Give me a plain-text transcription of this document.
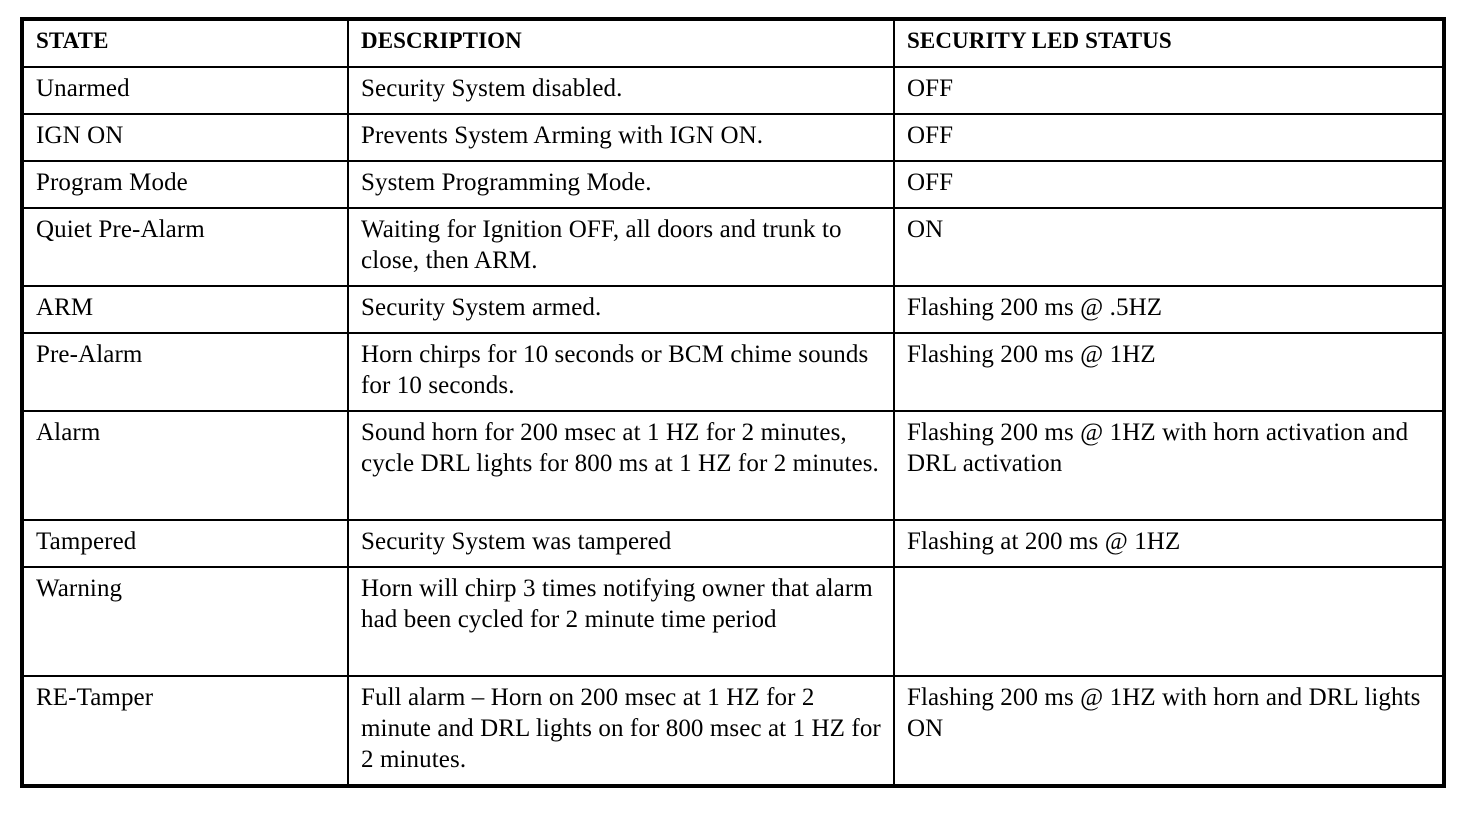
STATE	DESCRIPTION	SECURITY LED STATUS
Unarmed	Security System disabled.	OFF
IGN ON	Prevents System Arming with IGN ON.	OFF
Program Mode	System Programming Mode.	OFF
Quiet Pre-Alarm	Waiting for Ignition OFF, all doors and trunk to close, then ARM.	ON
ARM	Security System armed.	Flashing 200 ms @ .5HZ
Pre-Alarm	Horn chirps for 10 seconds or BCM chime sounds for 10 seconds.	Flashing 200 ms @ 1HZ
Alarm	Sound horn for 200 msec at 1 HZ for 2 minutes, cycle DRL lights for 800 ms at 1 HZ for 2 minutes.	Flashing 200 ms @ 1HZ with horn activation and DRL activation
Tampered	Security System was tampered	Flashing at 200 ms @ 1HZ
Warning	Horn will chirp 3 times notifying owner that alarm had been cycled for 2 minute time period	
RE-Tamper	Full alarm – Horn on 200 msec at 1 HZ for 2 minute and DRL lights on for 800 msec at 1 HZ for 2 minutes.	Flashing 200 ms @ 1HZ with horn and DRL lights ON
